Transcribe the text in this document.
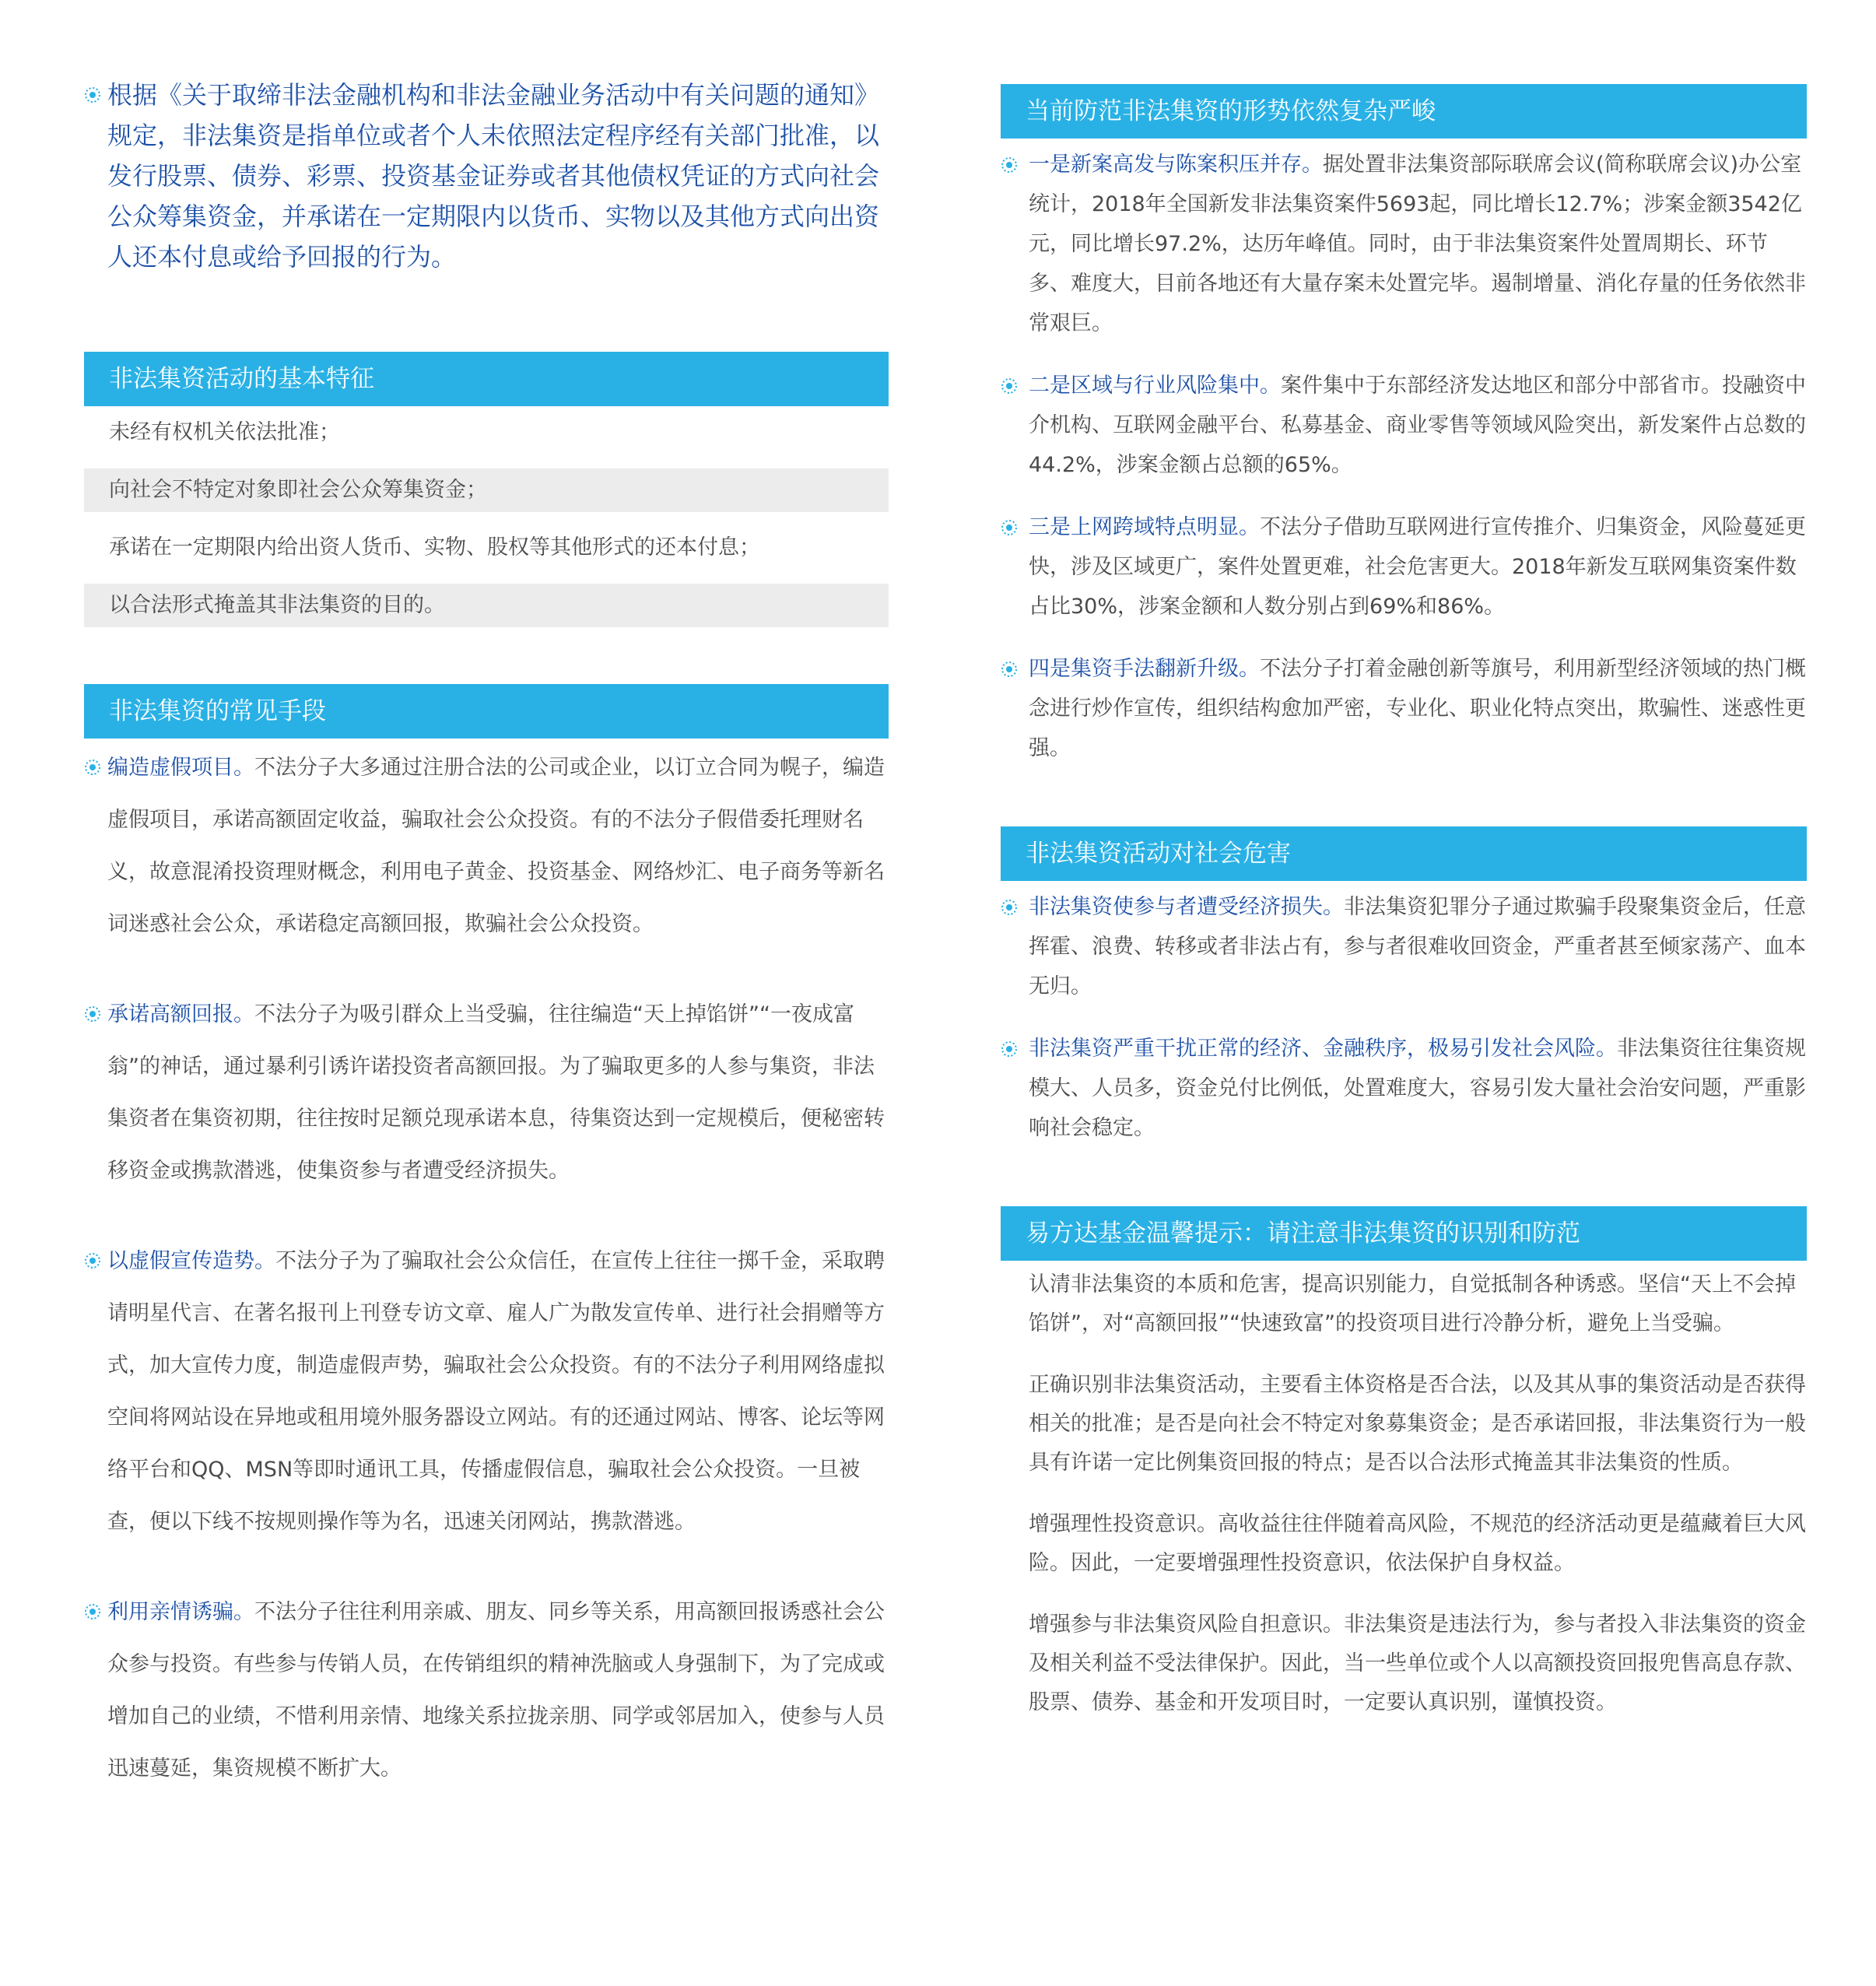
根据《关于取缔非法金融机构和非法金融业务活动中有关问题的通知》规定，非法集资是指单位或者个人未依照法定程序经有关部门批准，以发行股票、债券、彩票、投资基金证券或者其他债权凭证的方式向社会公众筹集资金，并承诺在一定期限内以货币、实物以及其他方式向出资人还本付息或给予回报的行为。
非法集资活动的基本特征
未经有权机关依法批准；
向社会不特定对象即社会公众筹集资金；
承诺在一定期限内给出资人货币、实物、股权等其他形式的还本付息；
以合法形式掩盖其非法集资的目的。
非法集资的常见手段
编造虚假项目。不法分子大多通过注册合法的公司或企业，以订立合同为幌子，编造虚假项目，承诺高额固定收益，骗取社会公众投资。有的不法分子假借委托理财名义，故意混淆投资理财概念，利用电子黄金、投资基金、网络炒汇、电子商务等新名词迷惑社会公众，承诺稳定高额回报，欺骗社会公众投资。
承诺高额回报。不法分子为吸引群众上当受骗，往往编造“天上掉馅饼”“一夜成富翁”的神话，通过暴利引诱许诺投资者高额回报。为了骗取更多的人参与集资，非法集资者在集资初期，往往按时足额兑现承诺本息，待集资达到一定规模后，便秘密转移资金或携款潜逃，使集资参与者遭受经济损失。
以虚假宣传造势。不法分子为了骗取社会公众信任，在宣传上往往一掷千金，采取聘请明星代言、在著名报刊上刊登专访文章、雇人广为散发宣传单、进行社会捐赠等方式，加大宣传力度，制造虚假声势，骗取社会公众投资。有的不法分子利用网络虚拟空间将网站设在异地或租用境外服务器设立网站。有的还通过网站、博客、论坛等网络平台和QQ、MSN等即时通讯工具，传播虚假信息，骗取社会公众投资。一旦被查，便以下线不按规则操作等为名，迅速关闭网站，携款潜逃。
利用亲情诱骗。不法分子往往利用亲戚、朋友、同乡等关系，用高额回报诱惑社会公众参与投资。有些参与传销人员，在传销组织的精神洗脑或人身强制下，为了完成或增加自己的业绩，不惜利用亲情、地缘关系拉拢亲朋、同学或邻居加入，使参与人员迅速蔓延，集资规模不断扩大。
当前防范非法集资的形势依然复杂严峻
一是新案高发与陈案积压并存。据处置非法集资部际联席会议(简称联席会议)办公室统计，2018年全国新发非法集资案件5693起，同比增长12.7%；涉案金额3542亿元，同比增长97.2%，达历年峰值。同时，由于非法集资案件处置周期长、环节多、难度大，目前各地还有大量存案未处置完毕。遏制增量、消化存量的任务依然非常艰巨。
二是区域与行业风险集中。案件集中于东部经济发达地区和部分中部省市。投融资中介机构、互联网金融平台、私募基金、商业零售等领域风险突出，新发案件占总数的44.2%，涉案金额占总额的65%。
三是上网跨域特点明显。不法分子借助互联网进行宣传推介、归集资金，风险蔓延更快，涉及区域更广，案件处置更难，社会危害更大。2018年新发互联网集资案件数占比30%，涉案金额和人数分别占到69%和86%。
四是集资手法翻新升级。不法分子打着金融创新等旗号，利用新型经济领域的热门概念进行炒作宣传，组织结构愈加严密，专业化、职业化特点突出，欺骗性、迷惑性更强。
非法集资活动对社会危害
非法集资使参与者遭受经济损失。非法集资犯罪分子通过欺骗手段聚集资金后，任意挥霍、浪费、转移或者非法占有，参与者很难收回资金，严重者甚至倾家荡产、血本无归。
非法集资严重干扰正常的经济、金融秩序，极易引发社会风险。非法集资往往集资规模大、人员多，资金兑付比例低，处置难度大，容易引发大量社会治安问题，严重影响社会稳定。
易方达基金温馨提示：请注意非法集资的识别和防范
认清非法集资的本质和危害，提高识别能力，自觉抵制各种诱惑。坚信“天上不会掉馅饼”，对“高额回报”“快速致富”的投资项目进行冷静分析，避免上当受骗。
正确识别非法集资活动，主要看主体资格是否合法，以及其从事的集资活动是否获得相关的批准；是否是向社会不特定对象募集资金；是否承诺回报，非法集资行为一般具有许诺一定比例集资回报的特点；是否以合法形式掩盖其非法集资的性质。
增强理性投资意识。高收益往往伴随着高风险，不规范的经济活动更是蕴藏着巨大风险。因此，一定要增强理性投资意识，依法保护自身权益。
增强参与非法集资风险自担意识。非法集资是违法行为，参与者投入非法集资的资金及相关利益不受法律保护。因此，当一些单位或个人以高额投资回报兜售高息存款、股票、债券、基金和开发项目时，一定要认真识别，谨慎投资。
